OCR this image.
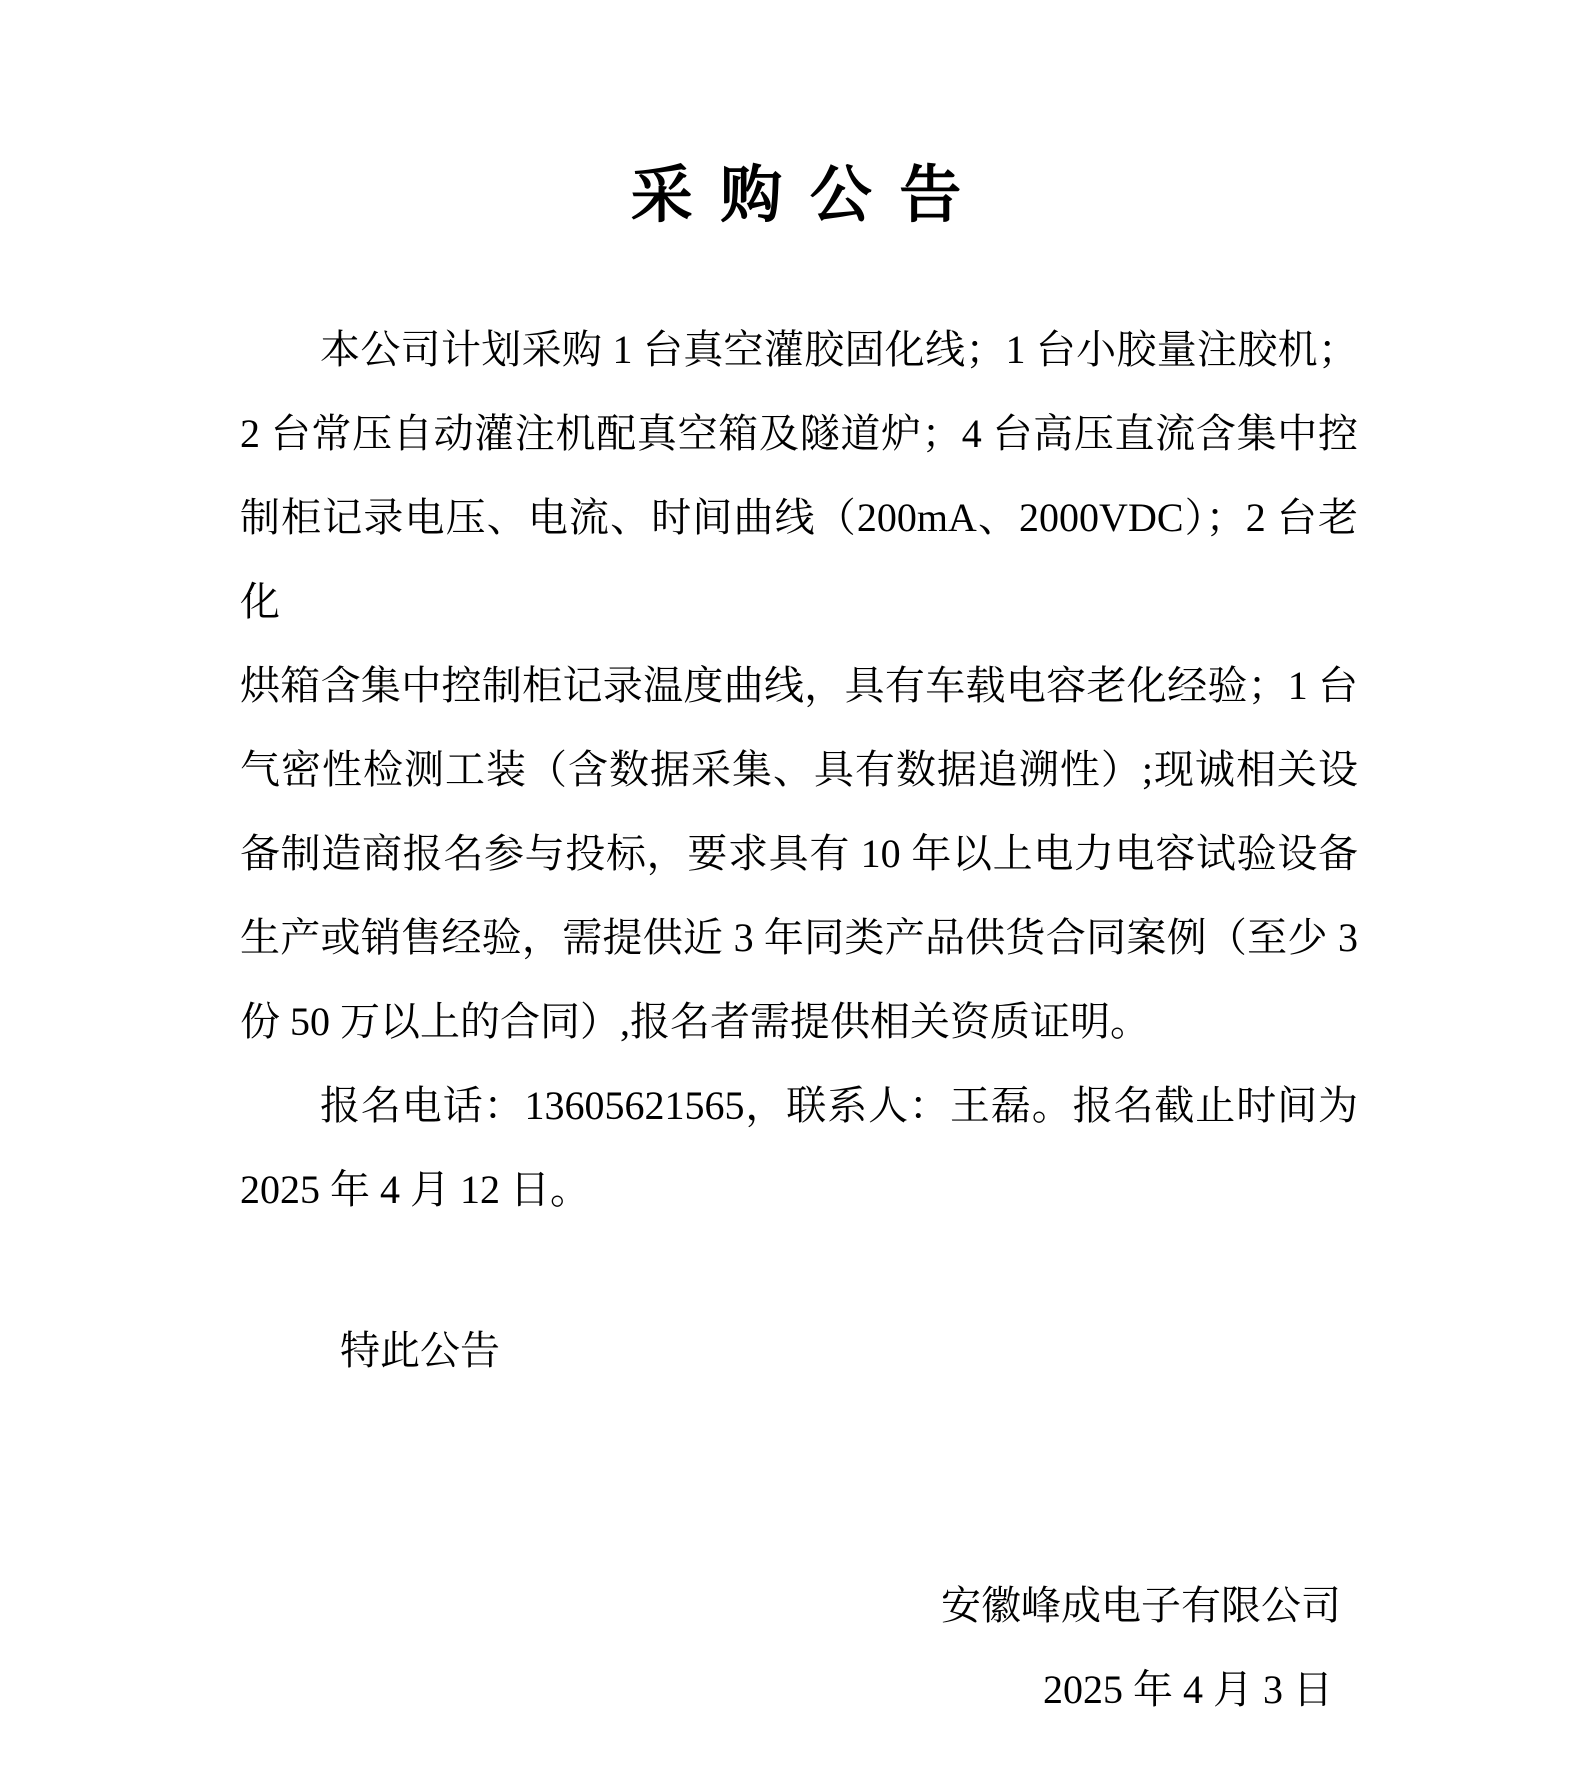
采 购 公 告
本公司计划采购 1 台真空灌胶固化线；1 台小胶量注胶机；
2 台常压自动灌注机配真空箱及隧道炉；4 台高压直流含集中控
制柜记录电压、电流、时间曲线（200mA、2000VDC）；2 台老化
烘箱含集中控制柜记录温度曲线，具有车载电容老化经验；1 台
气密性检测工装（含数据采集、具有数据追溯性）;现诚相关设
备制造商报名参与投标，要求具有 10 年以上电力电容试验设备
生产或销售经验，需提供近 3 年同类产品供货合同案例（至少 3
份 50 万以上的合同）,报名者需提供相关资质证明。
报名电话：13605621565，联系人：王磊。报名截止时间为
2025 年 4 月 12 日。
特此公告
安徽峰成电子有限公司
2025 年 4 月 3 日
